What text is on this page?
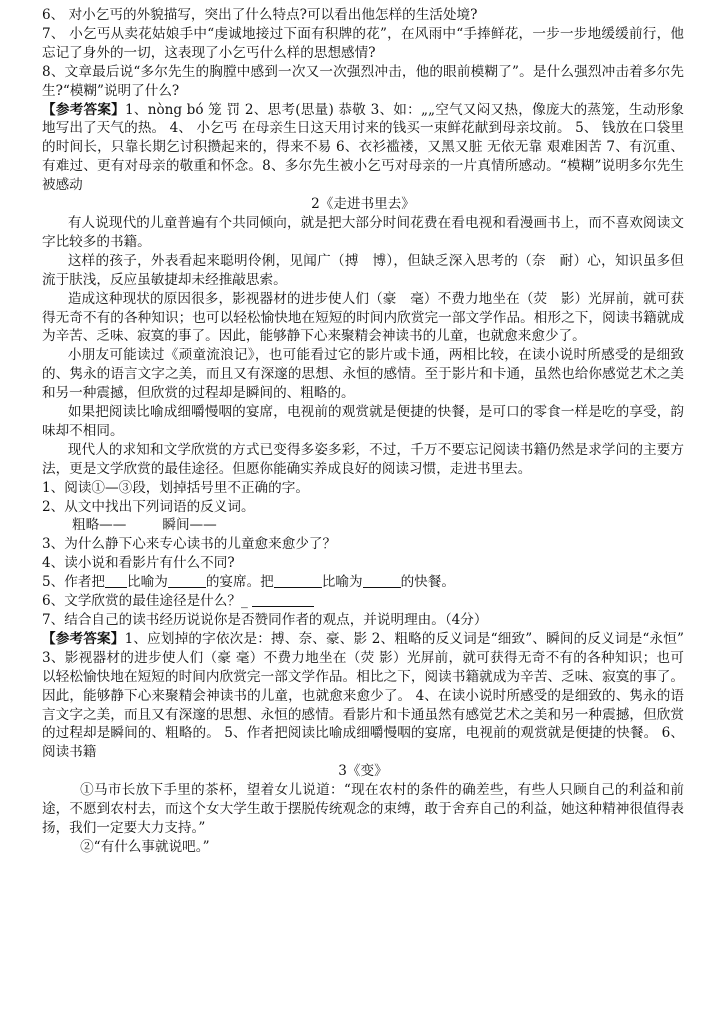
6、 对小乞丐的外貌描写，突出了什么特点?可以看出他怎样的生活处境?

7、 小乞丐从卖花姑娘手中“虔诚地接过下面有积牌的花”，在风雨中“手捧鲜花，一步一步地缓缓前行，他忘记了身外的一切，这表现了小乞丐什么样的思想感情?

8、文章最后说“多尔先生的胸膛中感到一次又一次强烈冲击，他的眼前模糊了”。是什么强烈冲击着多尔先生?“模糊”说明了什么?

【参考答案】1、nòng bó 笼 罚 2、思考(思量) 恭敬 3、如：„„空气又闷又热，像庞大的蒸笼，生动形象地写出了天气的热。 4、 小乞丐 在母亲生日这天用讨来的钱买一束鲜花献到母亲坟前。 5、 钱放在口袋里的时间长，只靠长期乞讨积攒起来的，得来不易 6、衣衫褴褛，又黑又脏 无依无靠 艰难困苦 7、有沉重、有难过、更有对母亲的敬重和怀念。8、多尔先生被小乞丐对母亲的一片真情所感动。“模糊”说明多尔先生被感动

2《走进书里去》

有人说现代的儿童普遍有个共同倾向，就是把大部分时间花费在看电视和看漫画书上，而不喜欢阅读文字比较多的书籍。

这样的孩子，外表看起来聪明伶俐，见闻广（搏　博），但缺乏深入思考的（奈　耐）心，知识虽多但流于肤浅，反应虽敏捷却未经推敲思索。

造成这种现状的原因很多，影视器材的进步使人们（豪　毫）不费力地坐在（荧　影）光屏前，就可获得无奇不有的各种知识；也可以轻松愉快地在短短的时间内欣赏完一部文学作品。相形之下，阅读书籍就成为辛苦、乏味、寂寞的事了。因此，能够静下心来聚精会神读书的儿童，也就愈来愈少了。

小朋友可能读过《顽童流浪记》，也可能看过它的影片或卡通，两相比较，在读小说时所感受的是细致的、隽永的语言文字之美，而且又有深邃的思想、永恒的感情。至于影片和卡通，虽然也给你感觉艺术之美和另一种震撼，但欣赏的过程却是瞬间的、粗略的。

如果把阅读比喻成细嚼慢咽的宴席，电视前的观赏就是便捷的快餐，是可口的零食一样是吃的享受，韵味却不相同。

现代人的求知和文学欣赏的方式已变得多姿多彩，不过，千万不要忘记阅读书籍仍然是求学问的主要方法，更是文学欣赏的最佳途径。但愿你能确实养成良好的阅读习惯，走进书里去。

1、阅读①—③段，划掉括号里不正确的字。

2、从文中找出下列词语的反义词。

粗略——	瞬间——

3、为什么静下心来专心读书的儿童愈来愈少了？

4、读小说和看影片有什么不同?

5、作者把 比喻为	的宴席。把	比喻为	的快餐。

6、文学欣赏的最佳途径是什么？_

7、结合自己的读书经历说说你是否赞同作者的观点，并说明理由。（4分）

【参考答案】1、应划掉的字依次是：搏、奈、豪、影 2、粗略的反义词是“细致”、瞬间的反义词是“永恒” 3、影视器材的进步使人们（豪 毫）不费力地坐在（荧 影）光屏前，就可获得无奇不有的各种知识；也可以轻松愉快地在短短的时间内欣赏完一部文学作品。相比之下，阅读书籍就成为辛苦、乏味、寂寞的事了。因此，能够静下心来聚精会神读书的儿童，也就愈来愈少了。 4、在读小说时所感受的是细致的、隽永的语言文字之美，而且又有深邃的思想、永恒的感情。看影片和卡通虽然有感觉艺术之美和另一种震撼，但欣赏的过程却是瞬间的、粗略的。 5、作者把阅读比喻成细嚼慢咽的宴席，电视前的观赏就是便捷的快餐。 6、阅读书籍

3《变》

①马市长放下手里的茶杯，望着女儿说道：“现在农村的条件的确差些，有些人只顾自己的利益和前途，不愿到农村去，而这个女大学生敢于摆脱传统观念的束缚，敢于舍弃自己的利益，她这种精神很值得表扬，我们一定要大力支持。”

②“有什么事就说吧。”
